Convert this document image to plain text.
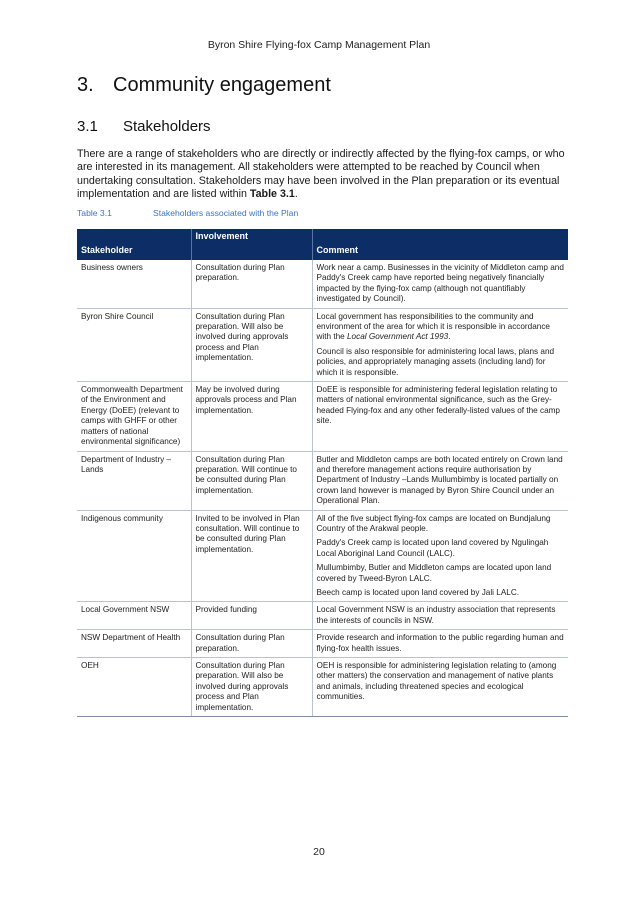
Byron Shire Flying-fox Camp Management Plan
3. Community engagement
3.1 Stakeholders
There are a range of stakeholders who are directly or indirectly affected by the flying-fox camps, or who are interested in its management. All stakeholders were attempted to be reached by Council when undertaking consultation. Stakeholders may have been involved in the Plan preparation or its eventual implementation and are listed within Table 3.1.
Table 3.1	Stakeholders associated with the Plan
Stakeholder	Involvement	Comment
Business owners	Consultation during Plan preparation.	Work near a camp. Businesses in the vicinity of Middleton camp and Paddy's Creek camp have reported being negatively financially impacted by the flying-fox camp (although not quantifiably investigated by Council).

Byron Shire Council	Consultation during Plan preparation. Will also be involved during approvals process and Plan implementation.	Local government has responsibilities to the community and environment of the area for which it is responsible in accordance with the Local Government Act 1993.

Council is also responsible for administering local laws, plans and policies, and appropriately managing assets (including land) for which it is responsible.

Commonwealth Department of the Environment and Energy (DoEE) (relevant to camps with GHFF or other matters of national environmental significance)	May be involved during approvals process and Plan implementation.	DoEE is responsible for administering federal legislation relating to matters of national environmental significance, such as the Grey-headed Flying-fox and any other federally-listed values of the camp site.

Department of Industry –Lands	Consultation during Plan preparation. Will continue to be consulted during Plan implementation.	Butler and Middleton camps are both located entirely on Crown land and therefore management actions require authorisation by Department of Industry –Lands Mullumbimby is located partially on crown land however is managed by Byron Shire Council under an Operational Plan.

Indigenous community	Invited to be involved in Plan consultation. Will continue to be consulted during Plan implementation.	All of the five subject flying-fox camps are located on Bundjalung Country of the Arakwal people.

Paddy's Creek camp is located upon land covered by Ngulingah Local Aboriginal Land Council (LALC).

Mullumbimby, Butler and Middleton camps are located upon land covered by Tweed-Byron LALC.

Beech camp is located upon land covered by Jali LALC.

Local Government NSW	Provided funding	Local Government NSW is an industry association that represents the interests of councils in NSW.

NSW Department of Health	Consultation during Plan preparation.	Provide research and information to the public regarding human and flying-fox health issues.

OEH	Consultation during Plan preparation. Will also be involved during approvals process and Plan implementation.	OEH is responsible for administering legislation relating to (among other matters) the conservation and management of native plants and animals, including threatened species and ecological communities.

20
